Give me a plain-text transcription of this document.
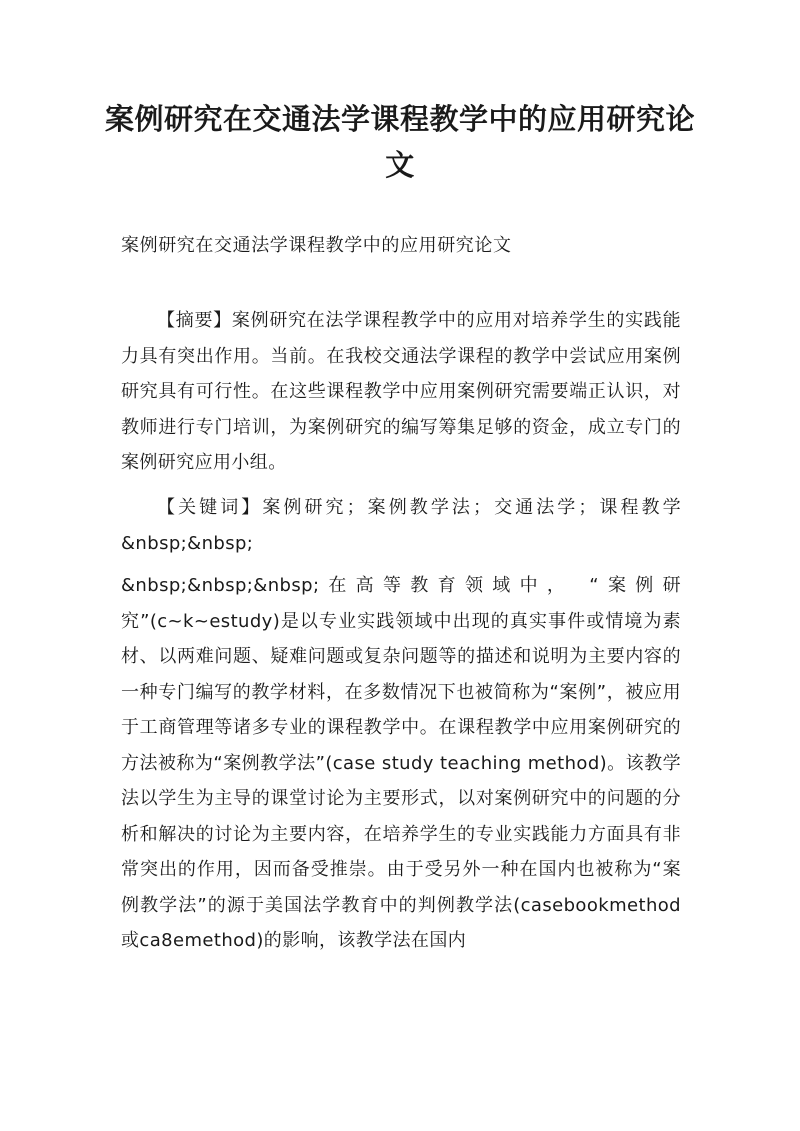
案例研究在交通法学课程教学中的应用研究论文

案例研究在交通法学课程教学中的应用研究论文

【摘要】案例研究在法学课程教学中的应用对培养学生的实践能力具有突出作用。当前。在我校交通法学课程的教学中尝试应用案例研究具有可行性。在这些课程教学中应用案例研究需要端正认识，对教师进行专门培训，为案例研究的编写筹集足够的资金，成立专门的案例研究应用小组。

【关键词】案例研究；案例教学法；交通法学；课程教学 &nbsp;&nbsp;

&nbsp;&nbsp;&nbsp;在高等教育领域中， “案例研究”(c~k~estudy)是以专业实践领域中出现的真实事件或情境为素材、以两难问题、疑难问题或复杂问题等的描述和说明为主要内容的一种专门编写的教学材料，在多数情况下也被简称为“案例”，被应用于工商管理等诸多专业的课程教学中。在课程教学中应用案例研究的方法被称为“案例教学法”(case study teaching method)。该教学法以学生为主导的课堂讨论为主要形式，以对案例研究中的问题的分析和解决的讨论为主要内容，在培养学生的专业实践能力方面具有非常突出的作用，因而备受推崇。由于受另外一种在国内也被称为“案例教学法”的源于美国法学教育中的判例教学法(casebookmethod或ca8emethod)的影响，该教学法在国内
